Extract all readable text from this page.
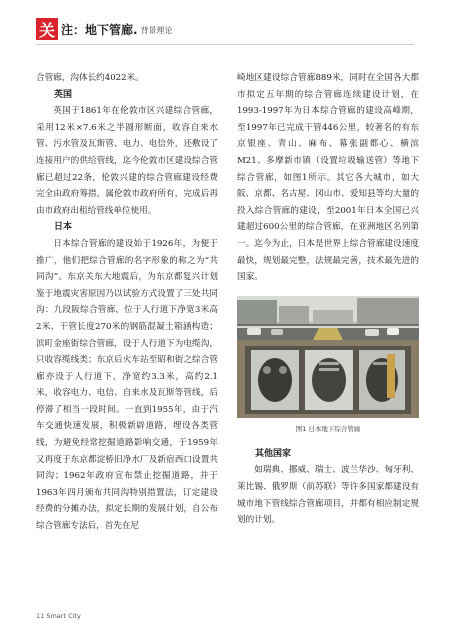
关 注：地下管廊. 背景理论

合管廊，沟体长约4022米。

英国

英国于1861年在伦敦市区兴建综合管廊，采用12米×7.6米之半圆形断面，收容自来水管、污水管及瓦斯管、电力、电信外，还敷设了连接用户的供给管线，迄今伦敦市区建设综合管廊已超过22条，伦敦兴建的综合管廊建设经费完全由政府筹措，属伦敦市政府所有，完成后再由市政府出租给管线单位使用。

日本

日本综合管廊的建设始于1926年，为便于推广，他们把综合管廊的名字形象的称之为“共同沟”。东京关东大地震后，为东京都复兴计划鉴于地震灾害原因乃以试验方式设置了三处共同沟：九段阪综合管廊，位于人行道下净宽3米高2米、干管长度270米的钢筋混凝土箱涵构造；滨町金座街综合管廊，设于人行道下为电缆沟，只收容缆线类；东京后火车站至昭和街之综合管廊亦设于人行道下，净宽约3.3米，高约2.1米，收容电力、电信、自来水及瓦斯等管线，后停滞了相当一段时间。一直到1955年，由于汽车交通快速发展，积极新辟道路，埋设各类管线，为避免经常挖掘道路影响交通，于1959年又再度于东京都淀桥旧净水厂及新宿西口设置共同沟；1962年政府宣布禁止挖掘道路，并于1963年四月颁布共同沟特别措置法，订定建设经费的分摊办法，拟定长期的发展计划，自公布综合管廊专法后，首先在尼

崎地区建设综合管廊889米，同时在全国各大都市拟定五年期的综合管廊连续建设计划，在1993-1997年为日本综合管廊的建设高峰期，至1997年已完成干管446公里，较著名的有东京银座、青山、麻布、幕张副都心、横滨M21、多摩新市镇（设置垃圾输送管）等地下综合管廊，如图1所示。其它各大城市，如大阪、京都、名古屋、冈山市、爱知县等均大量的投入综合管廊的建设，至2001年日本全国已兴建超过600公里的综合管廊，在亚洲地区名列第一。迄今为止，日本是世界上综合管廊建设速度最快，规划最完整，法规最完善，技术最先进的国家。

图1 日本地下综合管廊

其他国家

如瑞典、挪威、瑞士、波兰华沙、匈牙利、莱比锡、俄罗斯（前苏联）等许多国家都建设有城市地下管线综合管廊项目，并都有相应制定规划的计划。

11 Smart City
